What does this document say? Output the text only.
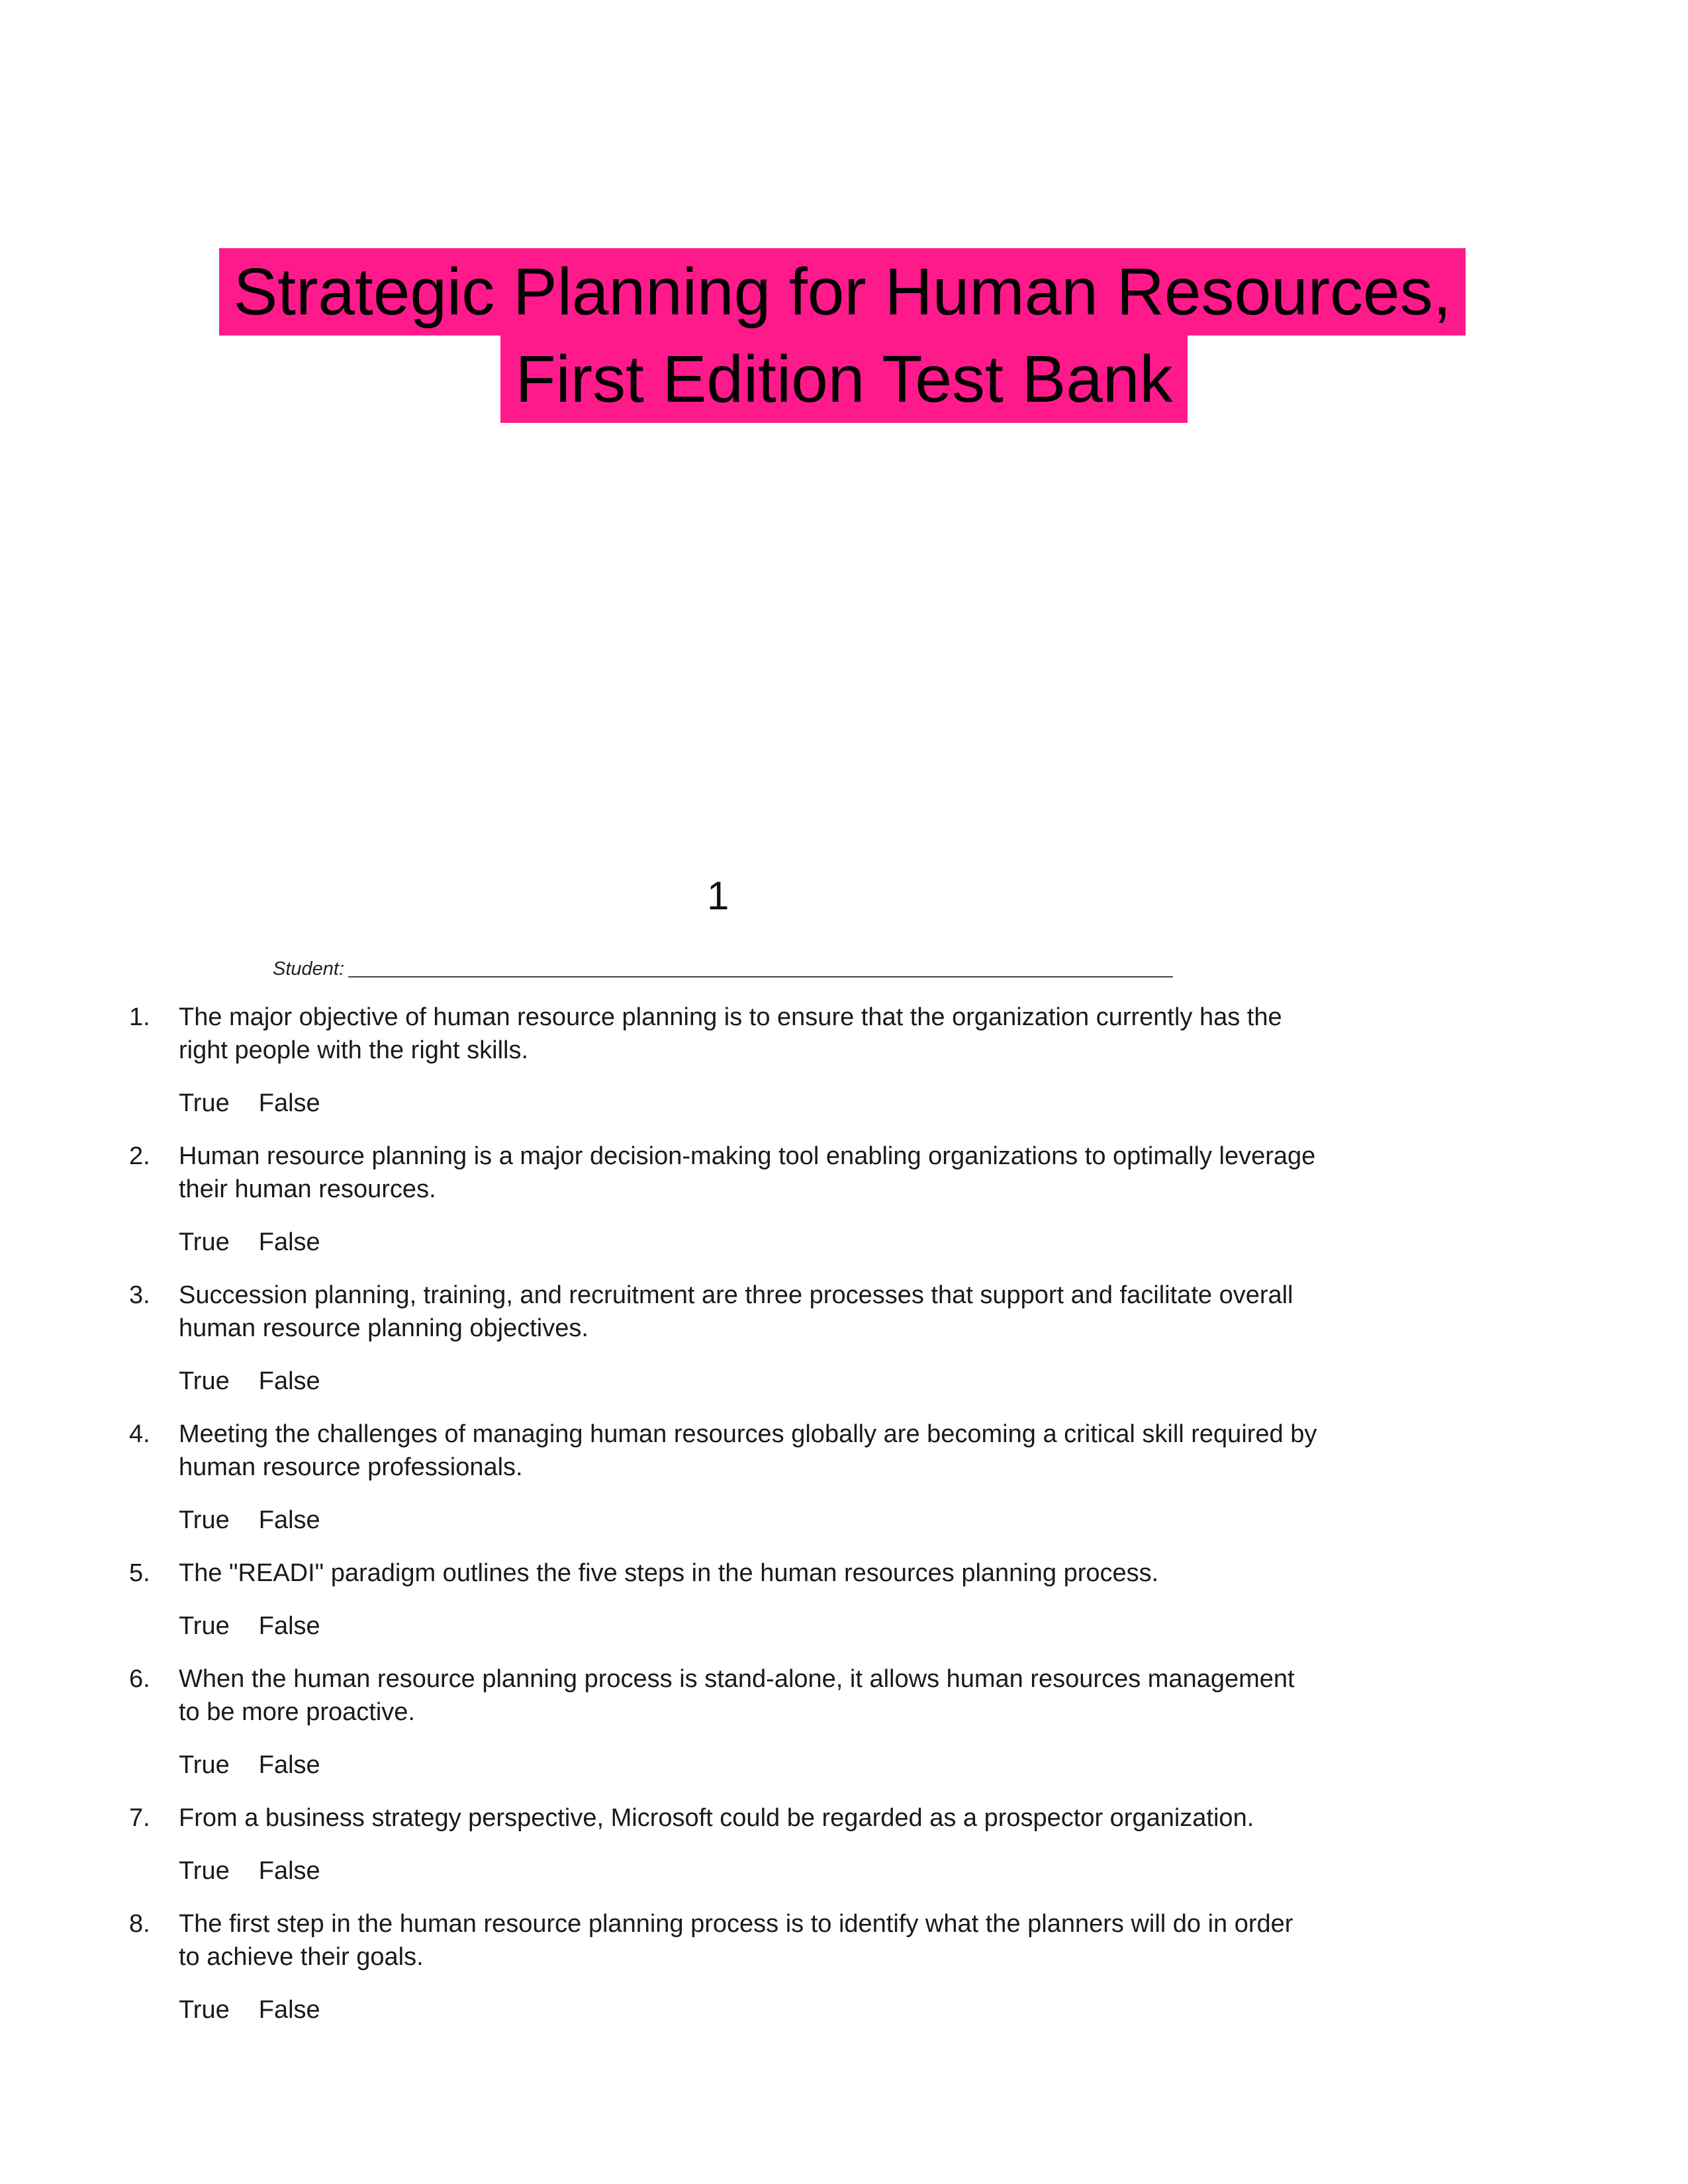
Strategic Planning for Human Resources,
First Edition Test Bank
1
Student:
1. The major objective of human resource planning is to ensure that the organization currently has the right people with the right skills.
True False
2. Human resource planning is a major decision-making tool enabling organizations to optimally leverage their human resources.
True False
3. Succession planning, training, and recruitment are three processes that support and facilitate overall human resource planning objectives.
True False
4. Meeting the challenges of managing human resources globally are becoming a critical skill required by human resource professionals.
True False
5. The "READI" paradigm outlines the five steps in the human resources planning process.
True False
6. When the human resource planning process is stand-alone, it allows human resources management to be more proactive.
True False
7. From a business strategy perspective, Microsoft could be regarded as a prospector organization.
True False
8. The first step in the human resource planning process is to identify what the planners will do in order to achieve their goals.
True False
